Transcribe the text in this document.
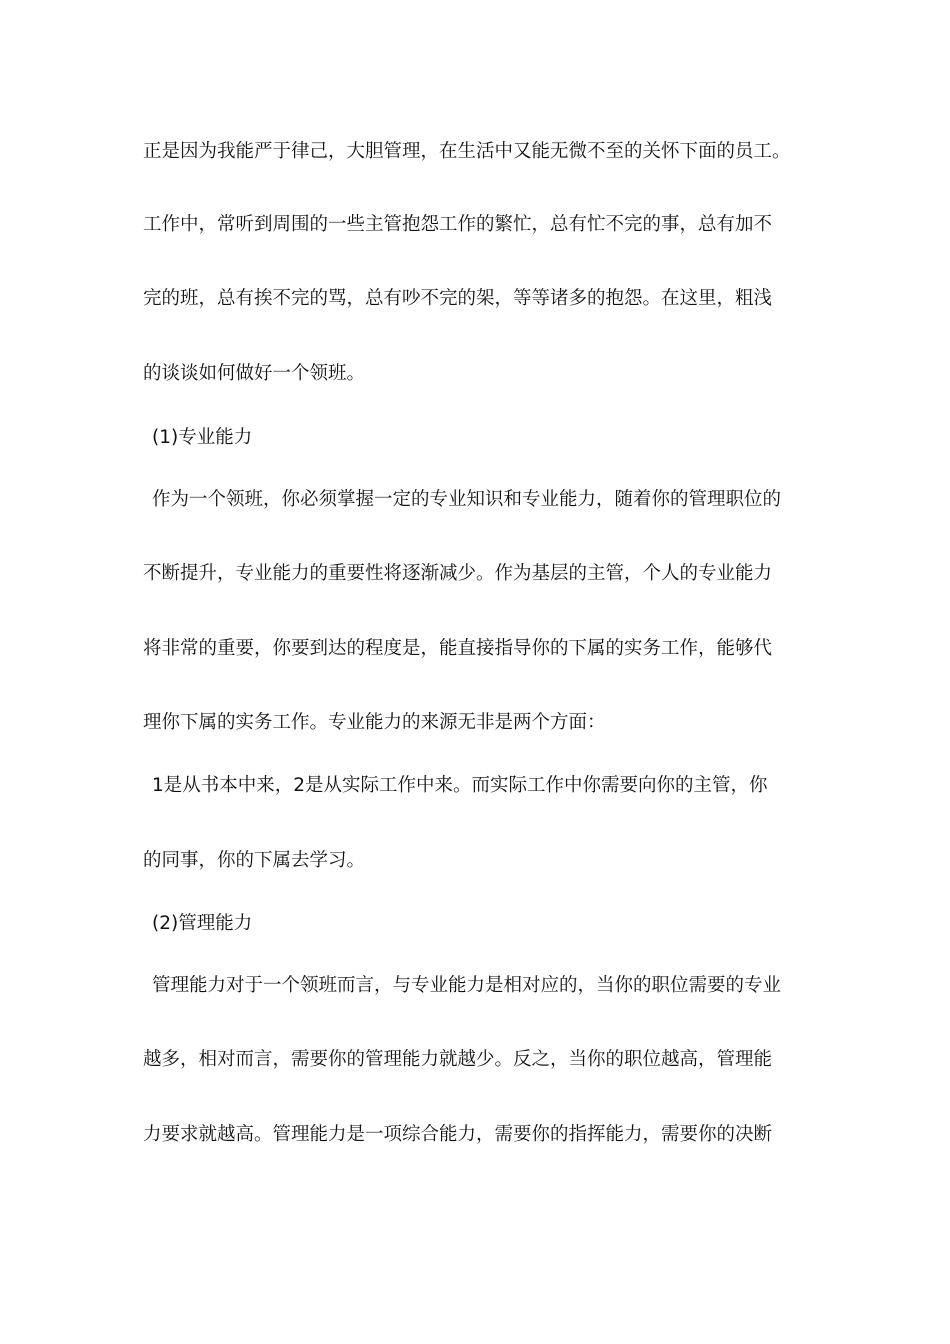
正是因为我能严于律己，大胆管理，在生活中又能无微不至的关怀下面的员工。
工作中，常听到周围的一些主管抱怨工作的繁忙，总有忙不完的事，总有加不
完的班，总有挨不完的骂，总有吵不完的架，等等诸多的抱怨。在这里，粗浅
的谈谈如何做好一个领班。
(1)专业能力
作为一个领班，你必须掌握一定的专业知识和专业能力，随着你的管理职位的
不断提升，专业能力的重要性将逐渐减少。作为基层的主管，个人的专业能力
将非常的重要，你要到达的程度是，能直接指导你的下属的实务工作，能够代
理你下属的实务工作。专业能力的来源无非是两个方面：
1是从书本中来，2是从实际工作中来。而实际工作中你需要向你的主管，你
的同事，你的下属去学习。
(2)管理能力
管理能力对于一个领班而言，与专业能力是相对应的，当你的职位需要的专业
越多，相对而言，需要你的管理能力就越少。反之，当你的职位越高，管理能
力要求就越高。管理能力是一项综合能力，需要你的指挥能力，需要你的决断
